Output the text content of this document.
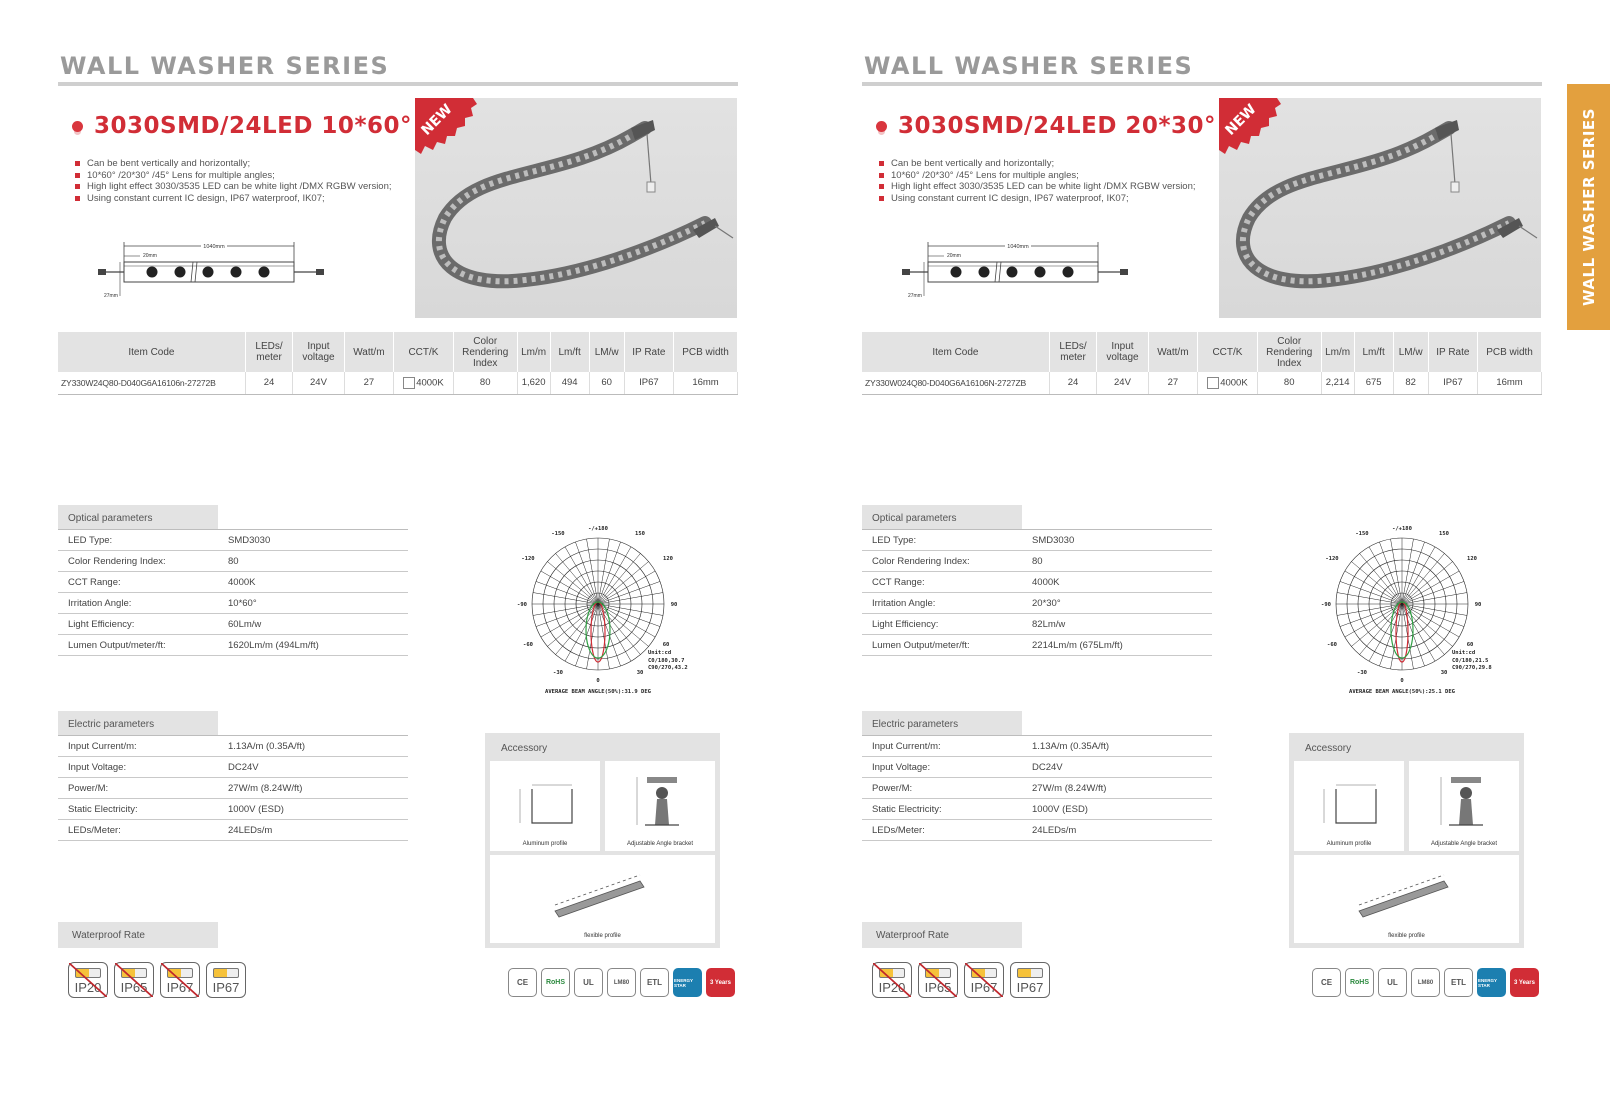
WALL WASHER SERIES
3030SMD/24LED 10*60°
Can be bent vertically and horizontally;
10*60° /20*30° /45° Lens for multiple angles;
High light effect 3030/3535 LED can be white light /DMX RGBW version;
Using constant current IC design, IP67 waterproof, IK07;
1040mm
20mm
27mm
NEW
Item Code	LEDs/ meter	Input voltage	Watt/m	CCT/K	Color Rendering Index	Lm/m	Lm/ft	LM/w	IP Rate	PCB width
ZY330W24Q80-D040G6A16106n-27272B	24	24V	27	4000K	80	1,620	494	60	IP67	16mm
Optical parameters
LED Type:	SMD3030
Color Rendering Index:	80
CCT Range:	4000K
Irritation Angle:	10*60°
Light Efficiency:	60Lm/w
Lumen Output/meter/ft:	1620Lm/m (494Lm/ft)
-/+180
-150	150
-120	120
-90	90
-60	60
-30	30
0
Unit:cd
C0/180,30.7
C90/270,43.2
AVERAGE BEAM ANGLE(50%):31.9 DEG
Electric parameters
Input Current/m:	1.13A/m (0.35A/ft)
Input Voltage:	DC24V
Power/M:	27W/m (8.24W/ft)
Static Electricity:	1000V (ESD)
LEDs/Meter:	24LEDs/m
Accessory
Aluminum profile	Adjustable Angle bracket
flexible profile
Waterproof Rate
IP20	IP65	IP67	IP67	CE	RoHS	UL	LM80	ETL	ENERGY STAR	3 Years
WALL WASHER SERIES
3030SMD/24LED 20*30°
Can be bent vertically and horizontally;
10*60° /20*30° /45° Lens for multiple angles;
High light effect 3030/3535 LED can be white light /DMX RGBW version;
Using constant current IC design, IP67 waterproof, IK07;
1040mm
20mm
27mm
NEW
Item Code	LEDs/ meter	Input voltage	Watt/m	CCT/K	Color Rendering Index	Lm/m	Lm/ft	LM/w	IP Rate	PCB width
ZY330W024Q80-D040G6A16106N-2727ZB	24	24V	27	4000K	80	2,214	675	82	IP67	16mm
Optical parameters
LED Type:	SMD3030
Color Rendering Index:	80
CCT Range:	4000K
Irritation Angle:	20*30°
Light Efficiency:	82Lm/w
Lumen Output/meter/ft:	2214Lm/m (675Lm/ft)
-/+180
-150	150
-120	120
-90	90
-60	60
-30	30
0
Unit:cd
C0/180,21.5
C90/270,29.8
AVERAGE BEAM ANGLE(50%):25.1 DEG
Electric parameters
Input Current/m:	1.13A/m (0.35A/ft)
Input Voltage:	DC24V
Power/M:	27W/m (8.24W/ft)
Static Electricity:	1000V (ESD)
LEDs/Meter:	24LEDs/m
Accessory
Aluminum profile	Adjustable Angle bracket
flexible profile
Waterproof Rate
IP20	IP65	IP67	IP67	CE	RoHS	UL	LM80	ETL	ENERGY STAR	3 Years
WALL WASHER SERIES
